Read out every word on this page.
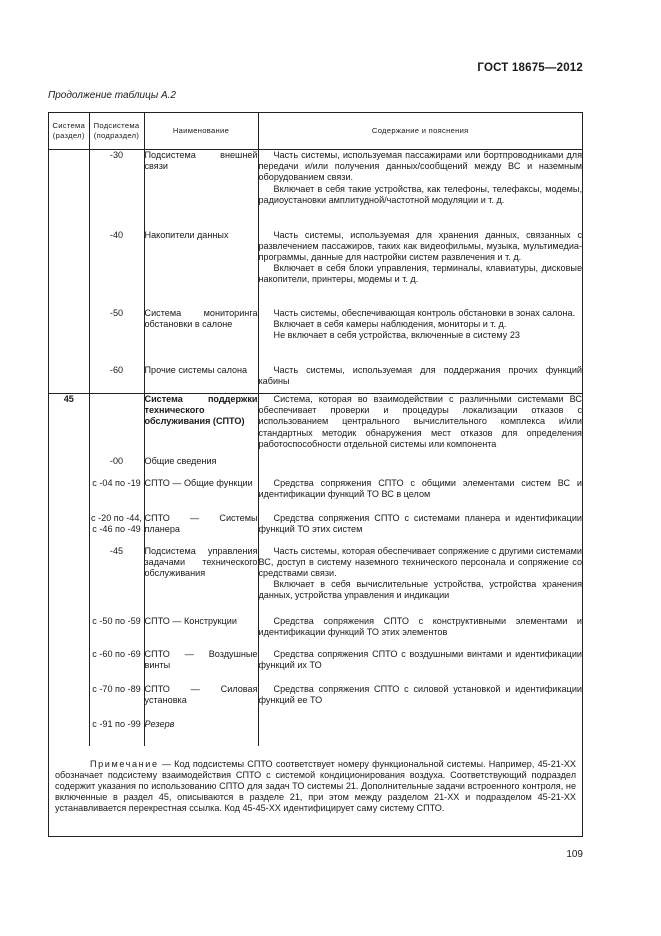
ГОСТ 18675—2012
Продолжение таблицы А.2
Система (раздел)	Подсистема (подраздел)	Наименование	Содержание и пояснения
	-30	Подсистема внешней связи	Часть системы, используемая пассажирами или бортпроводниками для передачи и/или получения данных/сообщений между ВС и наземным оборудованием связи.
Включает в себя такие устройства, как телефоны, телефаксы, модемы, радиоустановки амплитудной/частотной модуляции и т. д.

	-40	Накопители данных	Часть системы, используемая для хранения данных, связанных с развлечением пассажиров, таких как видеофильмы, музыка, мультимедиа-программы, данные для настройки систем развлечения и т. д.
Включает в себя блоки управления, терминалы, клавиатуры, дисковые накопители, принтеры, модемы и т. д.

	-50	Система мониторинга обстановки в салоне	Часть системы, обеспечивающая контроль обстановки в зонах салона.
Включает в себя камеры наблюдения, мониторы и т. д.
Не включает в себя устройства, включенные в систему 23

	-60	Прочие системы салона	Часть системы, используемая для поддержания прочих функций кабины

45		Система поддержки технического обслуживания (СПТО)	Система, которая во взаимодействии с различными системами ВС обеспечивает проверки и процедуры локализации отказов с использованием центрального вычислительного комплекса и/или стандартных методик обнаружения мест отказов для определения работоспособности отдельной системы или компонента

	-00	Общие сведения	
	с -04 по -19	СПТО — Общие функции	Средства сопряжения СПТО с общими элементами систем ВС и идентификации функций ТО ВС в целом

	с -20 по -44, с -46 по -49	СПТО — Системы планера	Средства сопряжения СПТО с системами планера и идентификации функций ТО этих систем

	-45	Подсистема управления задачами технического обслуживания	Часть системы, которая обеспечивает сопряжение с другими системами ВС, доступ в систему наземного технического персонала и сопряжение со средствами связи.
Включает в себя вычислительные устройства, устройства хранения данных, устройства управления и индикации

	с -50 по -59	СПТО — Конструкции	Средства сопряжения СПТО с конструктивными элементами и идентификации функций ТО этих элементов

	с -60 по -69	СПТО — Воздушные винты	Средства сопряжения СПТО с воздушными винтами и идентификации функций их ТО

	с -70 по -89	СПТО — Силовая установка	Средства сопряжения СПТО с силовой установкой и идентификации функций ее ТО

	с -91 по -99	Резерв	
Примечание — Код подсистемы СПТО соответствует номеру функциональной системы. Например, 45-21-ХХ обозначает подсистему взаимодействия СПТО с системой кондиционирования воздуха. Соответствующий подраздел содержит указания по использованию СПТО для задач ТО системы 21. Дополнительные задачи встроенного контроля, не включенные в раздел 45, описываются в разделе 21, при этом между разделом 21-ХХ и подразделом 45-21-ХХ устанавливается перекрестная ссылка. Код 45-45-ХХ идентифицирует саму систему СПТО.
109
